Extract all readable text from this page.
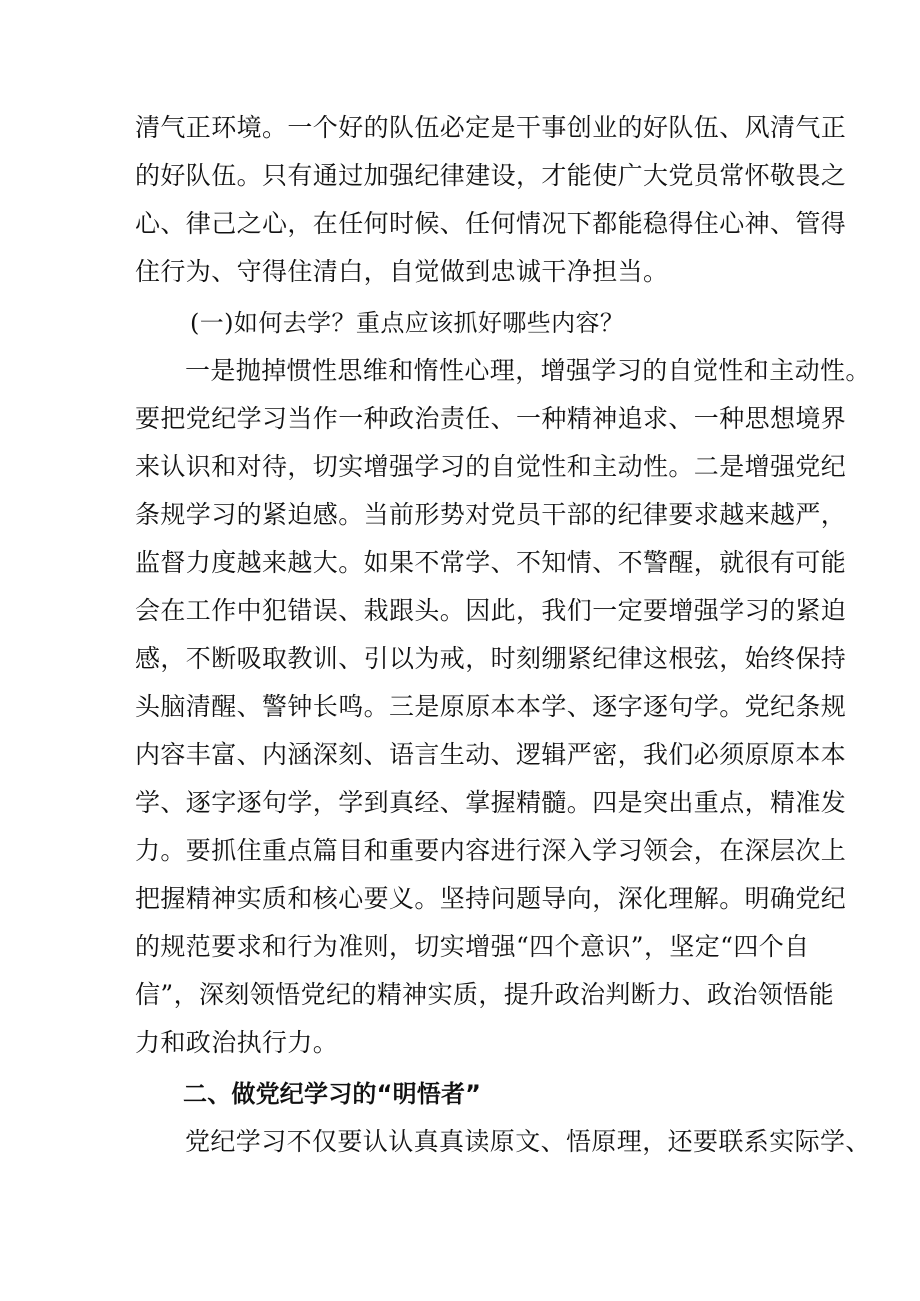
清气正环境。一个好的队伍必定是干事创业的好队伍、风清气正
的好队伍。只有通过加强纪律建设，才能使广大党员常怀敬畏之
心、律己之心，在任何时候、任何情况下都能稳得住心神、管得
住行为、守得住清白，自觉做到忠诚干净担当。
(一)如何去学？重点应该抓好哪些内容？
一是抛掉惯性思维和惰性心理，增强学习的自觉性和主动性。
要把党纪学习当作一种政治责任、一种精神追求、一种思想境界
来认识和对待，切实增强学习的自觉性和主动性。二是增强党纪
条规学习的紧迫感。当前形势对党员干部的纪律要求越来越严，
监督力度越来越大。如果不常学、不知情、不警醒，就很有可能
会在工作中犯错误、栽跟头。因此，我们一定要增强学习的紧迫
感，不断吸取教训、引以为戒，时刻绷紧纪律这根弦，始终保持
头脑清醒、警钟长鸣。三是原原本本学、逐字逐句学。党纪条规
内容丰富、内涵深刻、语言生动、逻辑严密，我们必须原原本本
学、逐字逐句学，学到真经、掌握精髓。四是突出重点，精准发
力。要抓住重点篇目和重要内容进行深入学习领会，在深层次上
把握精神实质和核心要义。坚持问题导向，深化理解。明确党纪
的规范要求和行为准则，切实增强“四个意识”，坚定“四个自
信”，深刻领悟党纪的精神实质，提升政治判断力、政治领悟能
力和政治执行力。
二、做党纪学习的“明悟者”
党纪学习不仅要认认真真读原文、悟原理，还要联系实际学、
